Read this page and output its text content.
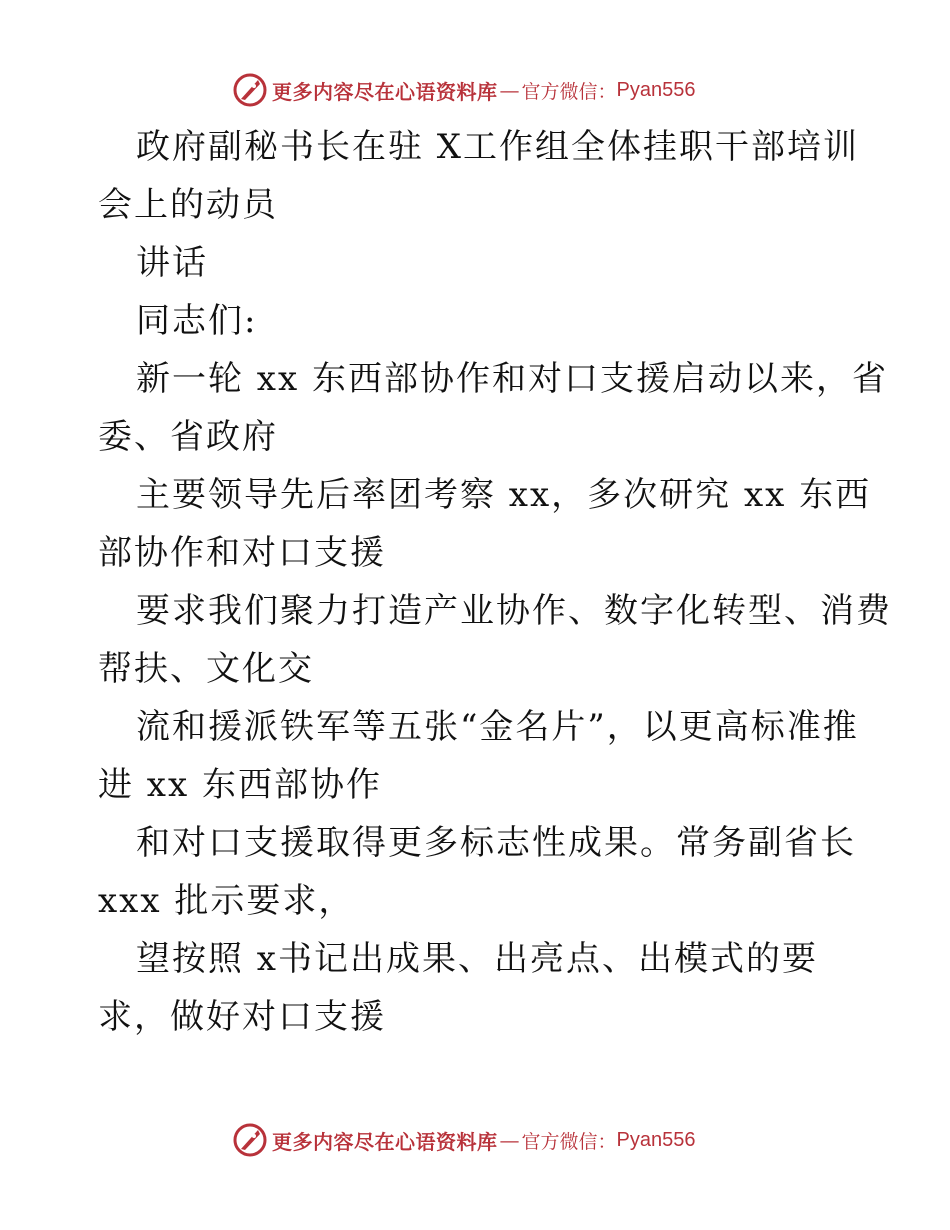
更多内容尽在心语资料库 — 官方微信： Pyan556
政府副秘书长在驻 X工作组全体挂职干部培训
会上的动员
讲话
同志们:
新一轮 xx 东西部协作和对口支援启动以来，省
委、省政府
主要领导先后率团考察 xx，多次研究 xx 东西
部协作和对口支援
要求我们聚力打造产业协作、数字化转型、消费
帮扶、文化交
流和援派铁军等五张“金名片”，以更高标准推
进 xx 东西部协作
和对口支援取得更多标志性成果。常务副省长
xxx 批示要求，
望按照 x书记出成果、出亮点、出模式的要
求，做好对口支援
更多内容尽在心语资料库 — 官方微信： Pyan556
